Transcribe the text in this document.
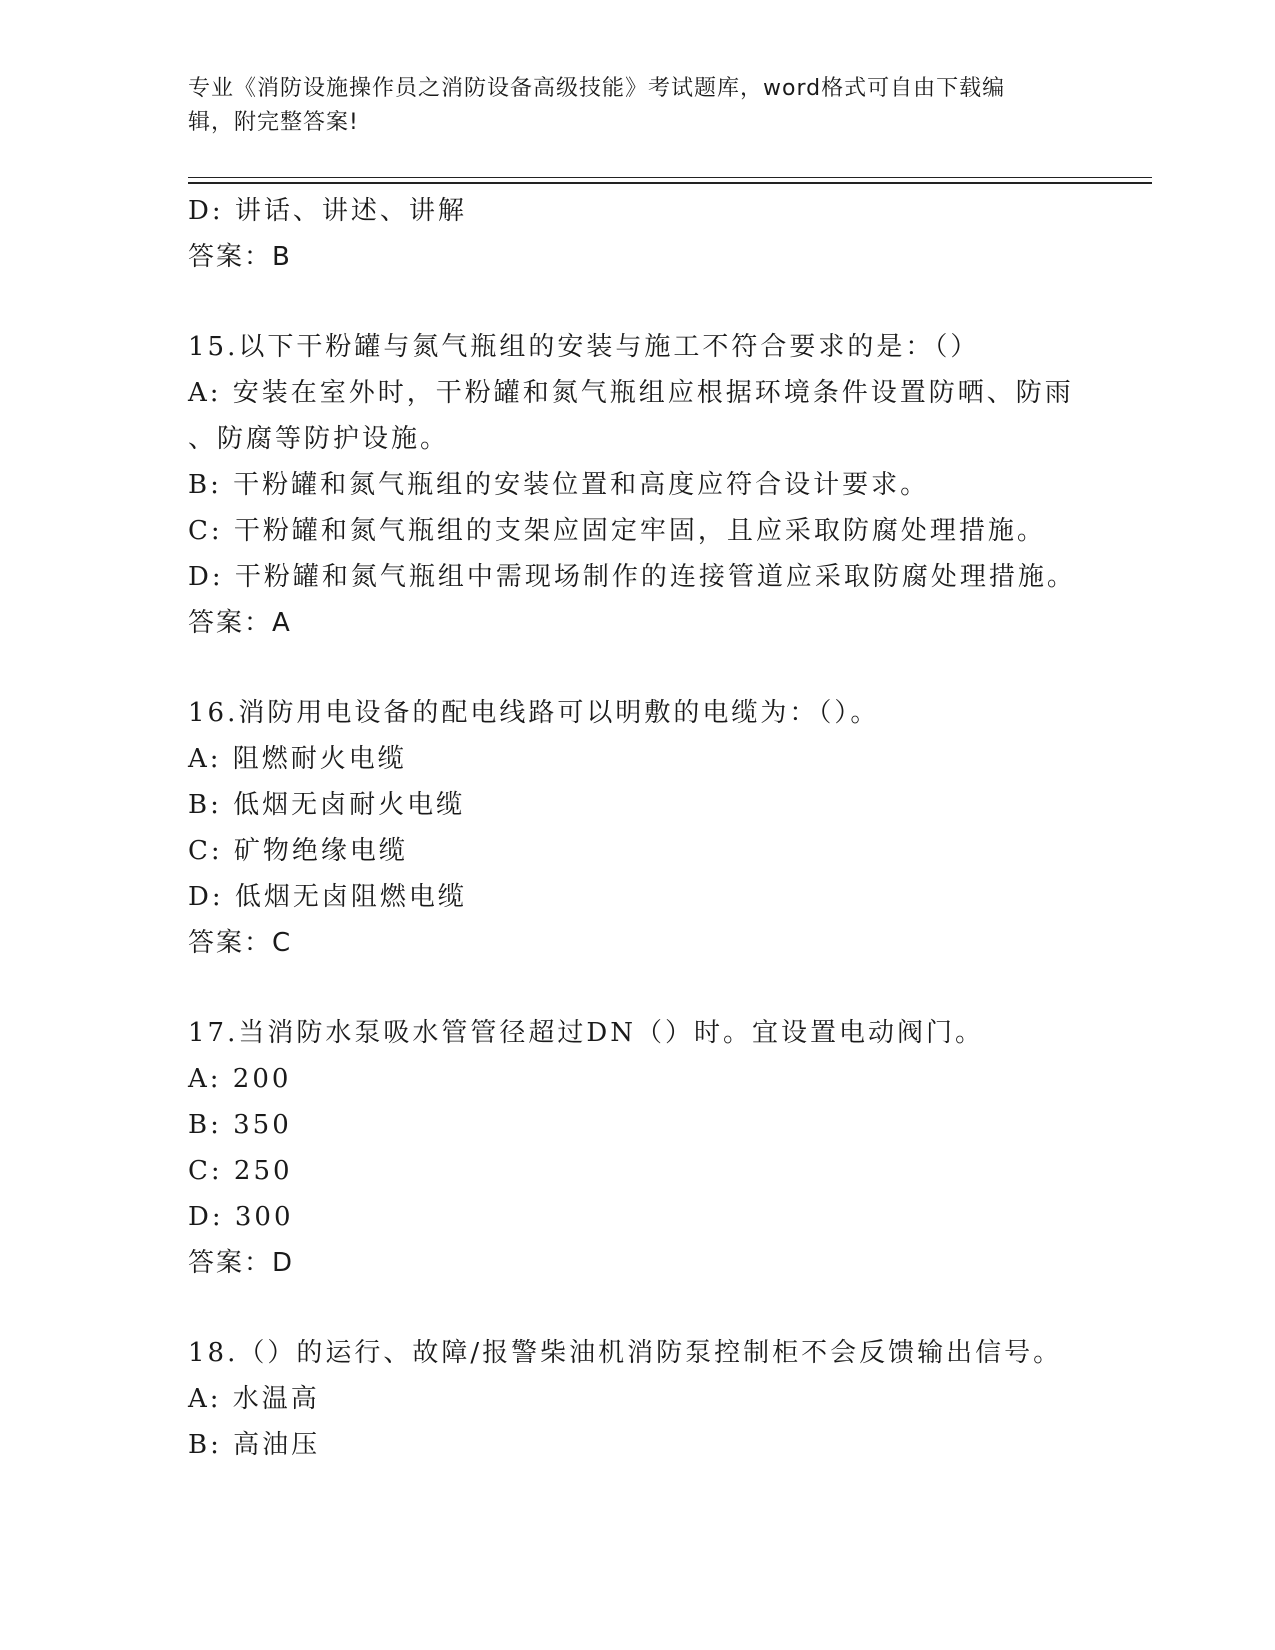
专业《消防设施操作员之消防设备高级技能》考试题库，word格式可自由下载编
辑，附完整答案!
D: 讲话、讲述、讲解
答案：B
15.以下干粉罐与氮气瓶组的安装与施工不符合要求的是：（）
A: 安装在室外时，干粉罐和氮气瓶组应根据环境条件设置防晒、防雨
、防腐等防护设施。
B: 干粉罐和氮气瓶组的安装位置和高度应符合设计要求。
C: 干粉罐和氮气瓶组的支架应固定牢固，且应采取防腐处理措施。
D: 干粉罐和氮气瓶组中需现场制作的连接管道应采取防腐处理措施。
答案：A
16.消防用电设备的配电线路可以明敷的电缆为：（）。
A: 阻燃耐火电缆
B: 低烟无卤耐火电缆
C: 矿物绝缘电缆
D: 低烟无卤阻燃电缆
答案：C
17.当消防水泵吸水管管径超过DN（）时。宜设置电动阀门。
A: 200
B: 350
C: 250
D: 300
答案：D
18.（）的运行、故障/报警柴油机消防泵控制柜不会反馈输出信号。
A: 水温高
B: 高油压
